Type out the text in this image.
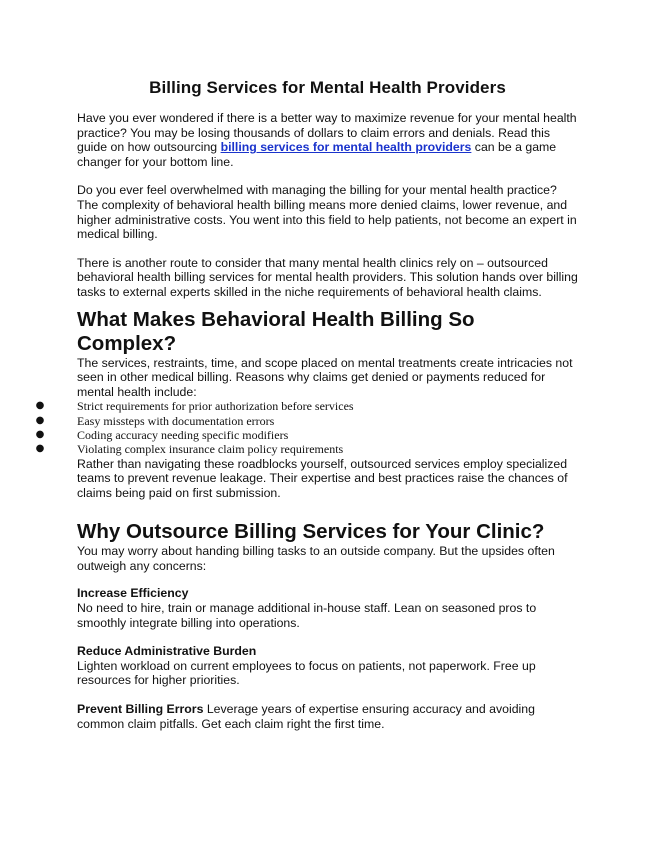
Billing Services for Mental Health Providers

Have you ever wondered if there is a better way to maximize revenue for your mental health practice? You may be losing thousands of dollars to claim errors and denials. Read this guide on how outsourcing billing services for mental health providers can be a game changer for your bottom line.

Do you ever feel overwhelmed with managing the billing for your mental health practice? The complexity of behavioral health billing means more denied claims, lower revenue, and higher administrative costs. You went into this field to help patients, not become an expert in medical billing.

There is another route to consider that many mental health clinics rely on – outsourced behavioral health billing services for mental health providers. This solution hands over billing tasks to external experts skilled in the niche requirements of behavioral health claims.

What Makes Behavioral Health Billing So Complex?

The services, restraints, time, and scope placed on mental treatments create intricacies not seen in other medical billing. Reasons why claims get denied or payments reduced for mental health include:

●	Strict requirements for prior authorization before services
●	Easy missteps with documentation errors
●	Coding accuracy needing specific modifiers
●	Violating complex insurance claim policy requirements

Rather than navigating these roadblocks yourself, outsourced services employ specialized teams to prevent revenue leakage. Their expertise and best practices raise the chances of claims being paid on first submission.

Why Outsource Billing Services for Your Clinic?

You may worry about handing billing tasks to an outside company. But the upsides often outweigh any concerns:

Increase Efficiency
No need to hire, train or manage additional in-house staff. Lean on seasoned pros to smoothly integrate billing into operations.

Reduce Administrative Burden
Lighten workload on current employees to focus on patients, not paperwork. Free up resources for higher priorities.

Prevent Billing Errors Leverage years of expertise ensuring accuracy and avoiding common claim pitfalls. Get each claim right the first time.
